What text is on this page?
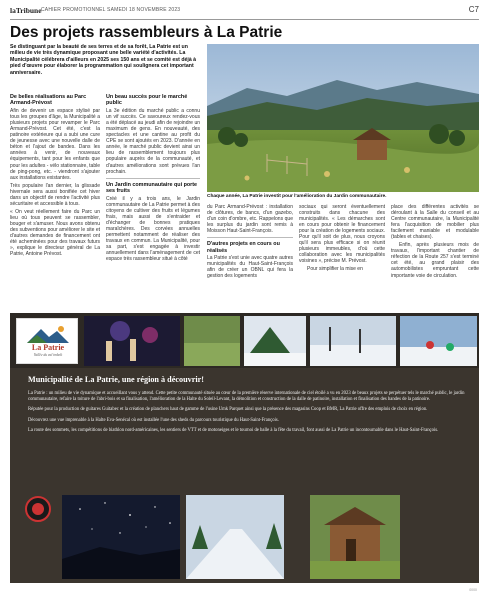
laTribune CAHIER PROMOTIONNEL SAMEDI 18 NOVEMBRE 2023	C7
Des projets rassembleurs à La Patrie
Se distinguant par la beauté de ses terres et de sa forêt, La Patrie est un milieu de vie très dynamique proposant une belle variété d'activités. La Municipalité célébrera d'ailleurs en 2025 ses 150 ans et se comité est déjà à pied d'œuvre pour élaborer la programmation qui soulignera cet important anniversaire.
De belles réalisations au Parc Armand-Prévost

Afin de devenir un espace stylisé par tous les groupes d'âge, la Municipalité a plusieurs projets pour revamper le Parc Armand-Prévost. Cet été, c'est la patinoire extérieure qui a subi une cure de jeunesse avec une nouvelle dalle de béton et l'ajout de bandes. Dans les années à venir, de nouveaux équipements, tant pour les enfants que pour les adultes - vélo stationnaire, table de ping-pong, etc. - viendront s'ajouter aux installations existantes.

Très populaire l'an dernier, la glissade hivernale sera aussi bonifiée cet hiver dans un objectif de rendre l'activité plus sécuritaire et accessible à tous.

« On veut réellement faire du Parc un lieu où tous peuvent se rassembler, bouger et s'amuser. Nous avons obtenu des subventions pour améliorer le site et d'autres demandes de financement ont été acheminées pour des travaux futurs », explique le directeur général de La Patrie, Antoine Prévost.

Un beau succès pour le marché public

La 3e édition du marché public a connu un vif succès. Ce savoureux rendez-vous a été déplacé au jeudi afin de rejoindre un maximum de gens. En nouveauté, des spectacles et une cantine au profit du CPE se sont ajoutés en 2023. D'année en année, le marché public devient ainsi un lieu de rassemblement toujours plus populaire auprès de la communauté, et d'autres améliorations sont prévues l'an prochain.

Un Jardin communautaire qui porte ses fruits

Créé il y a trois ans, le Jardin communautaire de La Patrie permet à des citoyens de cultiver des fruits et légumes frais, mais aussi de s'entraider et d'échanger de bonnes pratiques maraîchères. Des corvées annuelles permettent notamment de réaliser des travaux en commun. La Municipalité, pour sa part, s'est engagée à investir annuellement dans l'aménagement de cet espace très rassembleur situé à côté

Chaque année, La Patrie investit pour l'amélioration du Jardin communautaire.

du Parc Armand-Prévost : installation de clôtures, de bancs, d'un gazebo, d'un coin d'ombre, etc. Rappelons que les surplus du jardin sont remis à Moisson Haut-Saint-François.

D'autres projets en cours ou réalisés

La Patrie s'est unie avec quatre autres municipalités du Haut-Saint-François afin de créer un OBNL qui fera la gestion des logements

sociaux qui seront éventuellement construits dans chacune des municipalités. « Les démarches sont en cours pour obtenir le financement pour la création de logements sociaux. Pour qu'il soit de plus, nous croyons qu'il sera plus efficace si on réunit plusieurs immeubles, d'où cette collaboration avec les municipalités voisines », précise M. Prévost.

Pour simplifier la mise en

place des différentes activités se déroulant à la Salle du conseil et au Centre communautaire, la Municipalité fera l'acquisition de mobilier plus facilement maniable et modulable (tables et chaises).

Enfin, après plusieurs mois de travaux, l'important chantier de réfection de la Route 257 s'est terminé cet été, au grand plaisir des automobilistes empruntant cette importante voie de circulation.

La Patrie
Vallée du val imbelt
Municipalité de La Patrie, une région à découvrir!

La Patrie : un milieu de vie dynamique et accueillant vous y attend. Cette petite communauté située au cœur de la première réserve internationale de ciel étoilé a vu en 2023 de beaux projets se perpétuer tels le marché public, le jardin communautaire, refaire la toiture de l'abri-bois et sa finalisation, l'amélioration de la Halte du Soleil-Levant, la démolition et construction de la dalle de patinoire, installation et finalisation des bandes de la patinoire.

Réputée pour la production de guitares Guitabec et la création de planchers haut de gamme de l'usine Umk Parquet ainsi que la présence des magasins Coop et BMR, La Patrie offre des emplois de choix en région.

Découvrez une vue imprenable à la Halte Eva-Senécal où est installée l'une des sheds du parcours touristique du Haut-Saint-François.

La route des sommets, les compétitions de biathlon nord-américaines, les sentiers de VTT et de motoneiges et le tournoi de balle à la fête du travail, font aussi de La Patrie un incontournable dans le Haut-Saint-François.

0000
